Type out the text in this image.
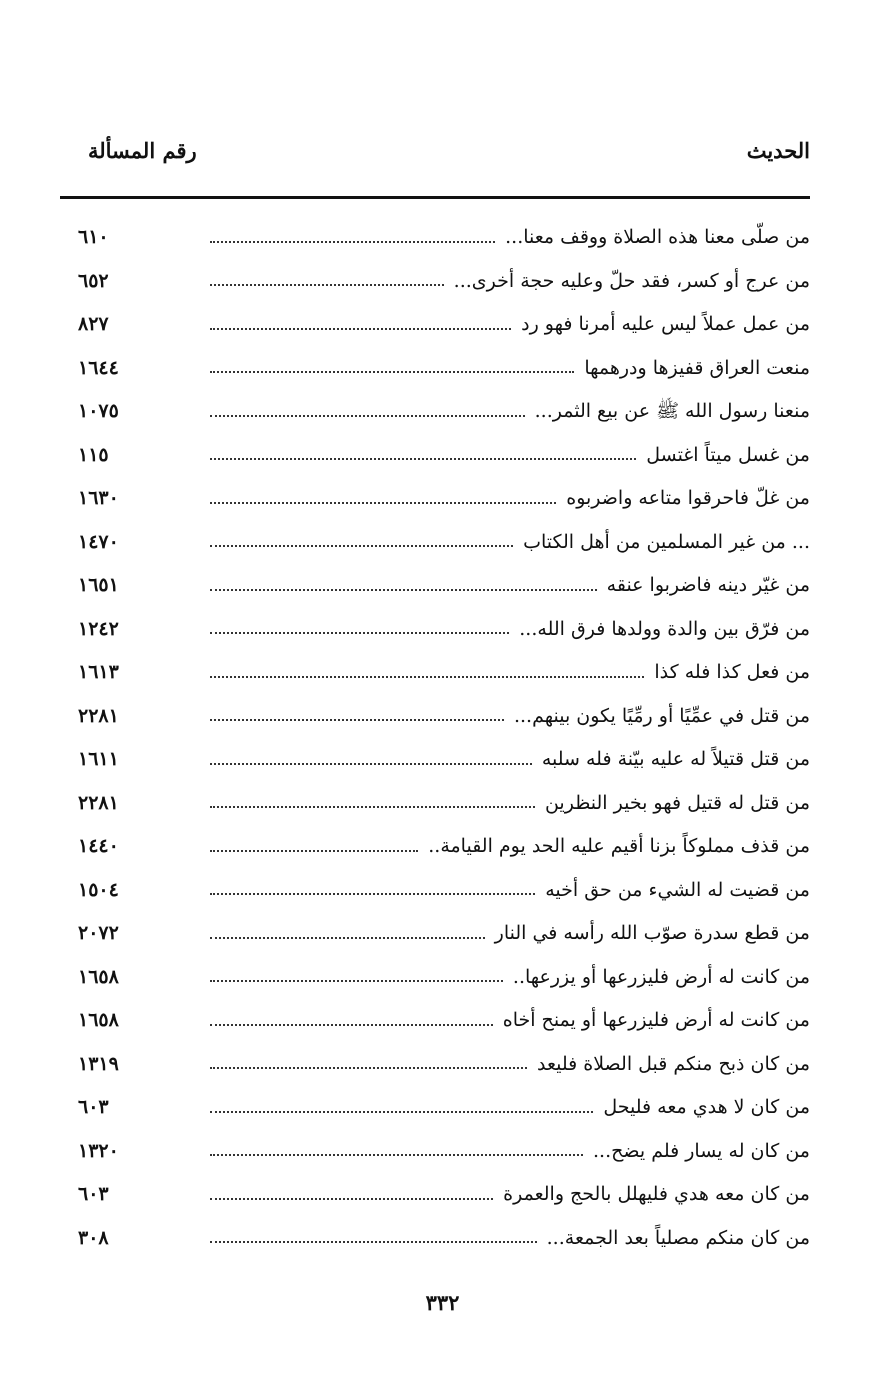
الحديث
رقم المسألة
من صلّى معنا هذه الصلاة ووقف معنا...
٦١٠
من عرج أو كسر، فقد حلّ وعليه حجة أخرى...
٦٥٢
من عمل عملاً ليس عليه أمرنا فهو رد
٨٢٧
منعت العراق قفيزها ودرهمها
١٦٤٤
منعنا رسول الله ﷺ عن بيع الثمر...
١٠٧٥
من غسل ميتاً اغتسل
١١٥
من غلّ فاحرقوا متاعه واضربوه
١٦٣٠
... من غير المسلمين من أهل الكتاب
١٤٧٠
من غيّر دينه فاضربوا عنقه
١٦٥١
من فرّق بين والدة وولدها فرق الله...
١٢٤٢
من فعل كذا فله كذا
١٦١٣
من قتل في عمِّيًا أو رمِّيًا يكون بينهم...
٢٢٨١
من قتل قتيلاً له عليه بيّنة فله سلبه
١٦١١
من قتل له قتيل فهو بخير النظرين
٢٢٨١
من قذف مملوكاً بزنا أقيم عليه الحد يوم القيامة..
١٤٤٠
من قضيت له الشيء من حق أخيه
١٥٠٤
من قطع سدرة صوّب الله رأسه في النار
٢٠٧٢
من كانت له أرض فليزرعها أو يزرعها..
١٦٥٨
من كانت له أرض فليزرعها أو يمنح أخاه
١٦٥٨
من كان ذبح منكم قبل الصلاة فليعد
١٣١٩
من كان لا هدي معه فليحل
٦٠٣
من كان له يسار فلم يضح...
١٣٢٠
من كان معه هدي فليهلل بالحج والعمرة
٦٠٣
من كان منكم مصلياً بعد الجمعة...
٣٠٨
٣٣٢
